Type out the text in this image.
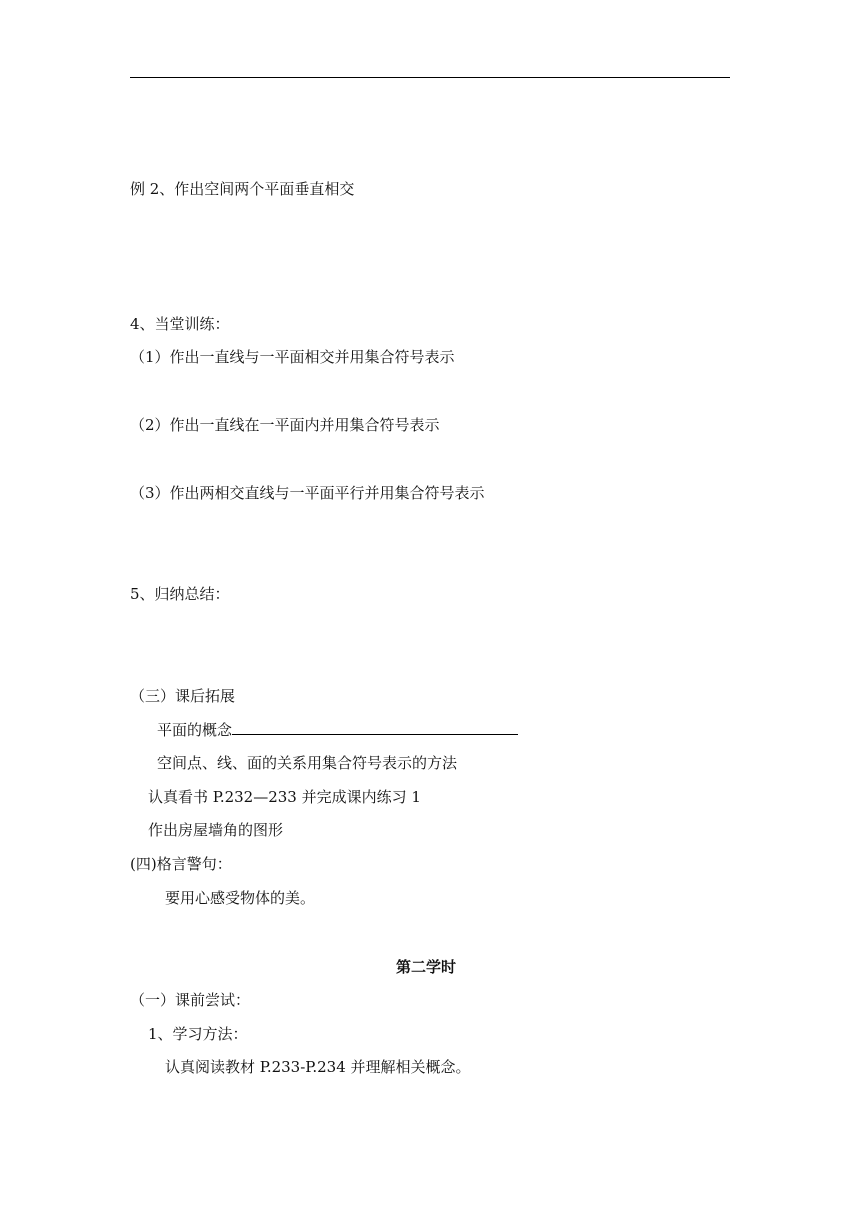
例 2、作出空间两个平面垂直相交
4、当堂训练：
（1）作出一直线与一平面相交并用集合符号表示
（2）作出一直线在一平面内并用集合符号表示
（3）作出两相交直线与一平面平行并用集合符号表示
5、归纳总结：
（三）课后拓展
平面的概念
空间点、线、面的关系用集合符号表示的方法
认真看书 P.232—233 并完成课内练习 1
作出房屋墙角的图形
(四)格言警句：
要用心感受物体的美。
第二学时
（一）课前尝试：
1、学习方法：
认真阅读教材 P.233-P.234 并理解相关概念。
